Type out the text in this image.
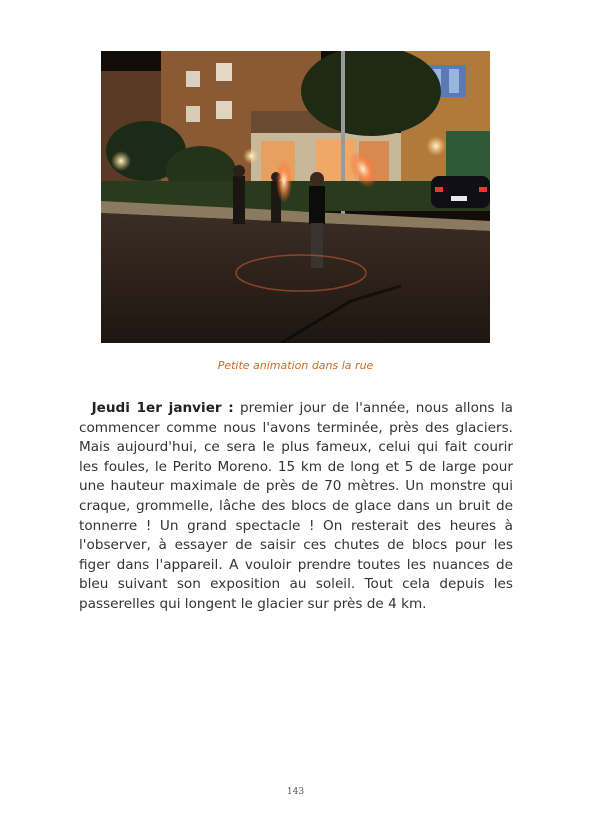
Petite animation dans la rue

Jeudi 1er janvier : premier jour de l'année, nous allons la commencer comme nous l'avons terminée, près des glaciers. Mais aujourd'hui, ce sera le plus fameux, celui qui fait courir les foules, le Perito Moreno. 15 km de long et 5 de large pour une hauteur maximale de près de 70 mètres. Un monstre qui craque, grommelle, lâche des blocs de glace dans un bruit de tonnerre ! Un grand spectacle ! On resterait des heures à l'observer, à essayer de saisir ces chutes de blocs pour les figer dans l'appareil. A vouloir prendre toutes les nuances de bleu suivant son exposition au soleil. Tout cela depuis les passerelles qui longent le glacier sur près de 4 km.

143
